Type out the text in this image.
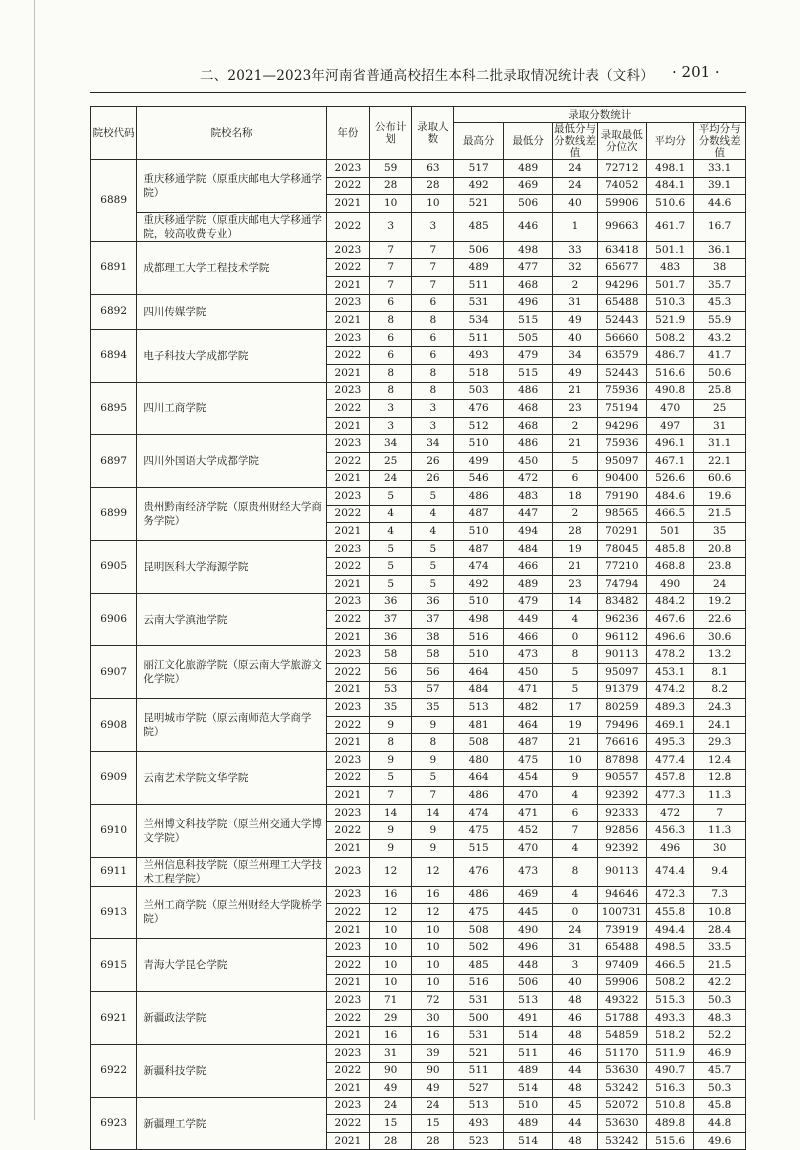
二、2021—2023年河南省普通高校招生本科二批录取情况统计表（文科） · 201 ·
院校代码	院校名称	年份	公布计划	录取人数	录取分数统计					
					最高分	最低分	最低分与分数线差值	录取最低分位次	平均分	平均分与分数线差值
6889	重庆移通学院（原重庆邮电大学移通学院）	2023	59	63	517	489	24	72712	498.1	33.1
		2022	28	28	492	469	24	74052	484.1	39.1
		2021	10	10	521	506	40	59906	510.6	44.6
	重庆移通学院（原重庆邮电大学移通学院，较高收费专业）	2022	3	3	485	446	1	99663	461.7	16.7
6891	成都理工大学工程技术学院	2023	7	7	506	498	33	63418	501.1	36.1
		2022	7	7	489	477	32	65677	483	38
		2021	7	7	511	468	2	94296	501.7	35.7
6892	四川传媒学院	2023	6	6	531	496	31	65488	510.3	45.3
		2021	8	8	534	515	49	52443	521.9	55.9
6894	电子科技大学成都学院	2023	6	6	511	505	40	56660	508.2	43.2
		2022	6	6	493	479	34	63579	486.7	41.7
		2021	8	8	518	515	49	52443	516.6	50.6
6895	四川工商学院	2023	8	8	503	486	21	75936	490.8	25.8
		2022	3	3	476	468	23	75194	470	25
		2021	3	3	512	468	2	94296	497	31
6897	四川外国语大学成都学院	2023	34	34	510	486	21	75936	496.1	31.1
		2022	25	26	499	450	5	95097	467.1	22.1
		2021	24	26	546	472	6	90400	526.6	60.6
6899	贵州黔南经济学院（原贵州财经大学商务学院）	2023	5	5	486	483	18	79190	484.6	19.6
		2022	4	4	487	447	2	98565	466.5	21.5
		2021	4	4	510	494	28	70291	501	35
6905	昆明医科大学海源学院	2023	5	5	487	484	19	78045	485.8	20.8
		2022	5	5	474	466	21	77210	468.8	23.8
		2021	5	5	492	489	23	74794	490	24
6906	云南大学滇池学院	2023	36	36	510	479	14	83482	484.2	19.2
		2022	37	37	498	449	4	96236	467.6	22.6
		2021	36	38	516	466	0	96112	496.6	30.6
6907	丽江文化旅游学院（原云南大学旅游文化学院）	2023	58	58	510	473	8	90113	478.2	13.2
		2022	56	56	464	450	5	95097	453.1	8.1
		2021	53	57	484	471	5	91379	474.2	8.2
6908	昆明城市学院（原云南师范大学商学院）	2023	35	35	513	482	17	80259	489.3	24.3
		2022	9	9	481	464	19	79496	469.1	24.1
		2021	8	8	508	487	21	76616	495.3	29.3
6909	云南艺术学院文华学院	2023	9	9	480	475	10	87898	477.4	12.4
		2022	5	5	464	454	9	90557	457.8	12.8
		2021	7	7	486	470	4	92392	477.3	11.3
6910	兰州博文科技学院（原兰州交通大学博文学院）	2023	14	14	474	471	6	92333	472	7
		2022	9	9	475	452	7	92856	456.3	11.3
		2021	9	9	515	470	4	92392	496	30
6911	兰州信息科技学院（原兰州理工大学技术工程学院）	2023	12	12	476	473	8	90113	474.4	9.4
6913	兰州工商学院（原兰州财经大学陇桥学院）	2023	16	16	486	469	4	94646	472.3	7.3
		2022	12	12	475	445	0	100731	455.8	10.8
		2021	10	10	508	490	24	73919	494.4	28.4
6915	青海大学昆仑学院	2023	10	10	502	496	31	65488	498.5	33.5
		2022	10	10	485	448	3	97409	466.5	21.5
		2021	10	10	516	506	40	59906	508.2	42.2
6921	新疆政法学院	2023	71	72	531	513	48	49322	515.3	50.3
		2022	29	30	500	491	46	51788	493.3	48.3
		2021	16	16	531	514	48	54859	518.2	52.2
6922	新疆科技学院	2023	31	39	521	511	46	51170	511.9	46.9
		2022	90	90	511	489	44	53630	490.7	45.7
		2021	49	49	527	514	48	53242	516.3	50.3
6923	新疆理工学院	2023	24	24	513	510	45	52072	510.8	45.8
		2022	15	15	493	489	44	53630	489.8	44.8
		2021	28	28	523	514	48	53242	515.6	49.6
